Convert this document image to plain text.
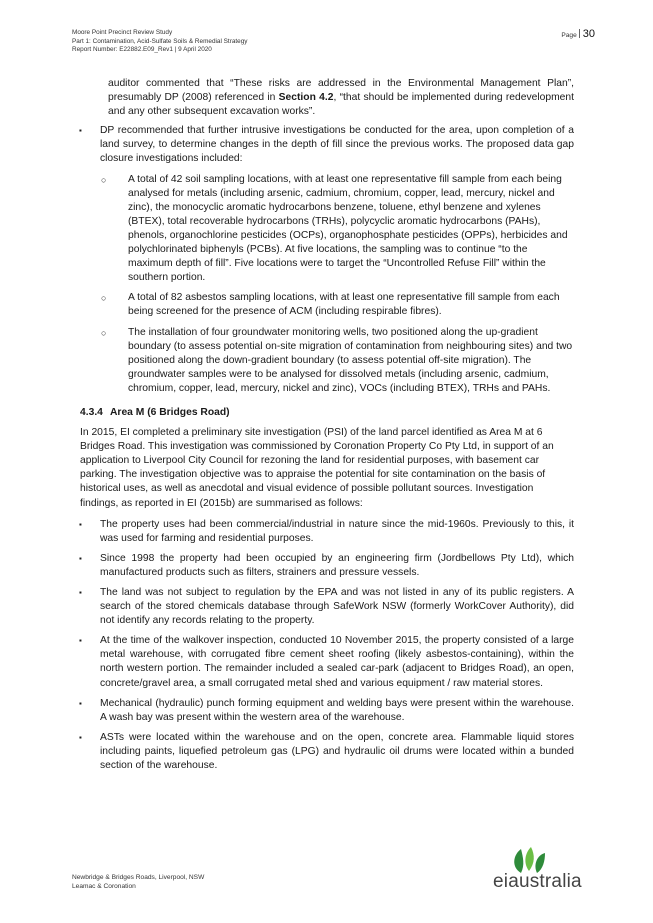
Moore Point Precinct Review Study
Part 1: Contamination, Acid-Sulfate Soils & Remedial Strategy
Report Number: E22882.E09_Rev1 | 9 April 2020
Page 30

auditor commented that “These risks are addressed in the Environmental Management Plan”, presumably DP (2008) referenced in Section 4.2, “that should be implemented during redevelopment and any other subsequent excavation works”.

▪ DP recommended that further intrusive investigations be conducted for the area, upon completion of a land survey, to determine changes in the depth of fill since the previous works. The proposed data gap closure investigations included:
○ A total of 42 soil sampling locations, with at least one representative fill sample from each being analysed for metals (including arsenic, cadmium, chromium, copper, lead, mercury, nickel and zinc), the monocyclic aromatic hydrocarbons benzene, toluene, ethyl benzene and xylenes (BTEX), total recoverable hydrocarbons (TRHs), polycyclic aromatic hydrocarbons (PAHs), phenols, organochlorine pesticides (OCPs), organophosphate pesticides (OPPs), herbicides and polychlorinated biphenyls (PCBs). At five locations, the sampling was to continue “to the maximum depth of fill”. Five locations were to target the “Uncontrolled Refuse Fill” within the southern portion.
○ A total of 82 asbestos sampling locations, with at least one representative fill sample from each being screened for the presence of ACM (including respirable fibres).
○ The installation of four groundwater monitoring wells, two positioned along the up-gradient boundary (to assess potential on-site migration of contamination from neighbouring sites) and two positioned along the down-gradient boundary (to assess potential off-site migration). The groundwater samples were to be analysed for dissolved metals (including arsenic, cadmium, chromium, copper, lead, mercury, nickel and zinc), VOCs (including BTEX), TRHs and PAHs.
4.3.4 Area M (6 Bridges Road)

In 2015, EI completed a preliminary site investigation (PSI) of the land parcel identified as Area M at 6 Bridges Road. This investigation was commissioned by Coronation Property Co Pty Ltd, in support of an application to Liverpool City Council for rezoning the land for residential purposes, with basement car parking. The investigation objective was to appraise the potential for site contamination on the basis of historical uses, as well as anecdotal and visual evidence of possible pollutant sources. Investigation findings, as reported in EI (2015b) are summarised as follows:

▪ The property uses had been commercial/industrial in nature since the mid-1960s. Previously to this, it was used for farming and residential purposes.
▪ Since 1998 the property had been occupied by an engineering firm (Jordbellows Pty Ltd), which manufactured products such as filters, strainers and pressure vessels.
▪ The land was not subject to regulation by the EPA and was not listed in any of its public registers. A search of the stored chemicals database through SafeWork NSW (formerly WorkCover Authority), did not identify any records relating to the property.
▪ At the time of the walkover inspection, conducted 10 November 2015, the property consisted of a large metal warehouse, with corrugated fibre cement sheet roofing (likely asbestos-containing), within the north western portion. The remainder included a sealed car-park (adjacent to Bridges Road), an open, concrete/gravel area, a small corrugated metal shed and various equipment / raw material stores.
▪ Mechanical (hydraulic) punch forming equipment and welding bays were present within the warehouse. A wash bay was present within the western area of the warehouse.
▪ ASTs were located within the warehouse and on the open, concrete area. Flammable liquid stores including paints, liquefied petroleum gas (LPG) and hydraulic oil drums were located within a bunded section of the warehouse.
Newbridge & Bridges Roads, Liverpool, NSW
Leamac & Coronation	eiaustralia
